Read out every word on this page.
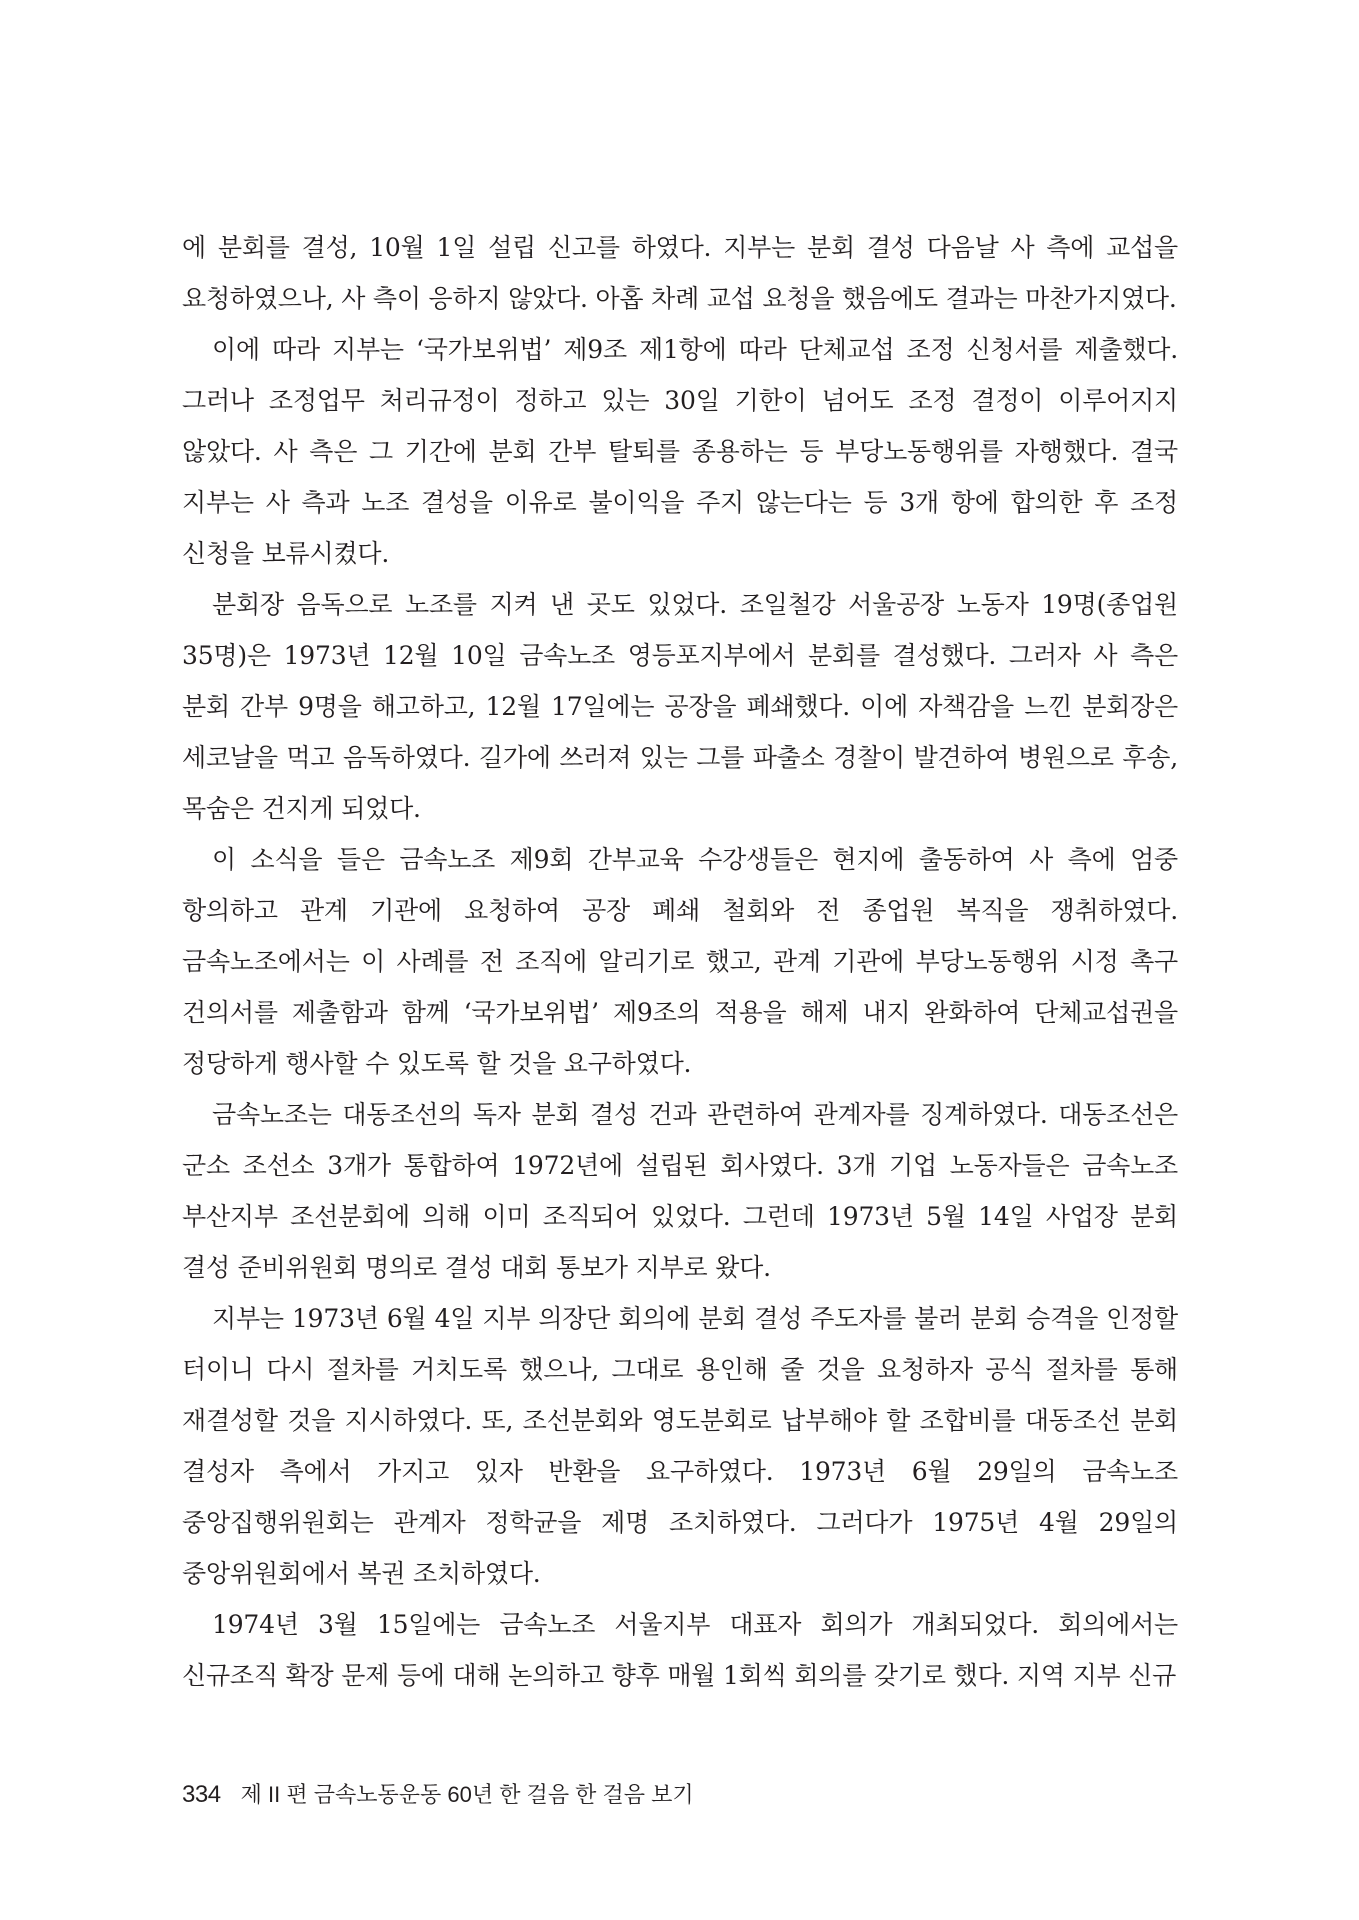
에 분회를 결성, 10월 1일 설립 신고를 하였다. 지부는 분회 결성 다음날 사 측에 교섭을 요청하였으나, 사 측이 응하지 않았다. 아홉 차례 교섭 요청을 했음에도 결과는 마찬가지였다.

이에 따라 지부는 ‘국가보위법’ 제9조 제1항에 따라 단체교섭 조정 신청서를 제출했다. 그러나 조정업무 처리규정이 정하고 있는 30일 기한이 넘어도 조정 결정이 이루어지지 않았다. 사 측은 그 기간에 분회 간부 탈퇴를 종용하는 등 부당노동행위를 자행했다. 결국 지부는 사 측과 노조 결성을 이유로 불이익을 주지 않는다는 등 3개 항에 합의한 후 조정 신청을 보류시켰다.

분회장 음독으로 노조를 지켜 낸 곳도 있었다. 조일철강 서울공장 노동자 19명(종업원 35명)은 1973년 12월 10일 금속노조 영등포지부에서 분회를 결성했다. 그러자 사 측은 분회 간부 9명을 해고하고, 12월 17일에는 공장을 폐쇄했다. 이에 자책감을 느낀 분회장은 세코날을 먹고 음독하였다. 길가에 쓰러져 있는 그를 파출소 경찰이 발견하여 병원으로 후송, 목숨은 건지게 되었다.

이 소식을 들은 금속노조 제9회 간부교육 수강생들은 현지에 출동하여 사 측에 엄중 항의하고 관계 기관에 요청하여 공장 폐쇄 철회와 전 종업원 복직을 쟁취하였다. 금속노조에서는 이 사례를 전 조직에 알리기로 했고, 관계 기관에 부당노동행위 시정 촉구 건의서를 제출함과 함께 ‘국가보위법’ 제9조의 적용을 해제 내지 완화하여 단체교섭권을 정당하게 행사할 수 있도록 할 것을 요구하였다.

금속노조는 대동조선의 독자 분회 결성 건과 관련하여 관계자를 징계하였다. 대동조선은 군소 조선소 3개가 통합하여 1972년에 설립된 회사였다. 3개 기업 노동자들은 금속노조 부산지부 조선분회에 의해 이미 조직되어 있었다. 그런데 1973년 5월 14일 사업장 분회 결성 준비위원회 명의로 결성 대회 통보가 지부로 왔다.

지부는 1973년 6월 4일 지부 의장단 회의에 분회 결성 주도자를 불러 분회 승격을 인정할 터이니 다시 절차를 거치도록 했으나, 그대로 용인해 줄 것을 요청하자 공식 절차를 통해 재결성할 것을 지시하였다. 또, 조선분회와 영도분회로 납부해야 할 조합비를 대동조선 분회 결성자 측에서 가지고 있자 반환을 요구하였다. 1973년 6월 29일의 금속노조 중앙집행위원회는 관계자 정학균을 제명 조치하였다. 그러다가 1975년 4월 29일의 중앙위원회에서 복권 조치하였다.

1974년 3월 15일에는 금속노조 서울지부 대표자 회의가 개최되었다. 회의에서는 신규조직 확장 문제 등에 대해 논의하고 향후 매월 1회씩 회의를 갖기로 했다. 지역 지부 신규

334 제 II 편 금속노동운동 60년 한 걸음 한 걸음 보기
